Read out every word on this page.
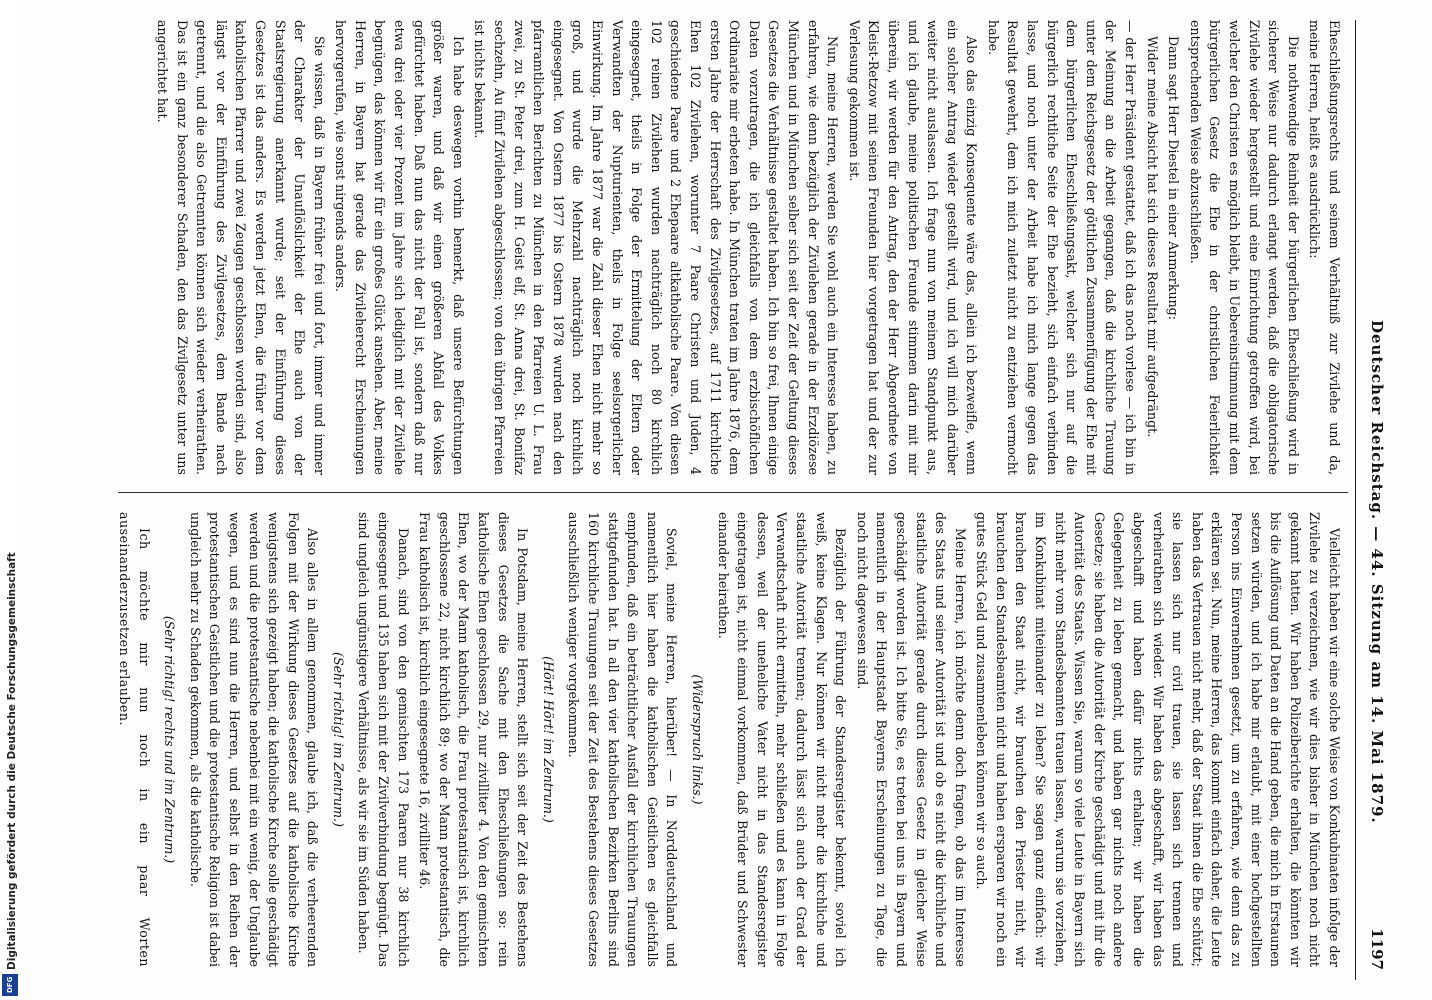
Digitalisierung gefördert durch die Deutsche Forschungsgemeinschaft
DFG
Deutscher Reichstag. — 44. Sitzung am 14. Mai 1879.
1197

Eheschließungsrechts und seinem Verhältniß zur Zivilehe und da, meine Herren, heißt es ausdrücklich:

Die nothwendige Reinheit der bürgerlichen Eheschließung wird in sicherer Weise nur dadurch erlangt werden, daß die obligatorische Zivilehe wieder hergestellt und eine Einrichtung getroffen wird, bei welcher den Christen es möglich bleibt, in Uebereinstimmung mit dem bürgerlichen Gesetz die Ehe in der christlichen Feierlichkeit entsprechenden Weise abzuschließen.

Dann sagt Herr Diestel in einer Anmerkung:

Wider meine Absicht hat sich dieses Resultat mir aufgedrängt.

— der Herr Präsident gestattet, daß ich das noch vorlese — ich bin in der Meinung an die Arbeit gegangen, daß die kirchliche Trauung unter dem Reichsgesetz der göttlichen Zusammenfügung der Ehe mit dem bürgerlichen Eheschließungsakt, welcher sich nur auf die bürgerlich rechtliche Seite der Ehe bezieht, sich einfach verbinden lasse, und noch unter der Arbeit habe ich mich lange gegen das Resultat gewehrt, dem ich mich zuletzt nicht zu entziehen vermocht habe.

Also das einzig Konsequente wäre das, allein ich bezweifle, wenn ein solcher Antrag wieder gestellt wird, und ich will mich darüber weiter nicht auslassen. Ich frage nun von meinem Standpunkt aus, und ich glaube, meine politischen Freunde stimmen darin mit mir überein, wir werden für den Antrag, den der Herr Abgeordnete von Kleist-Retzow mit seinen Freunden hier vorgetragen hat und der zur Verlesung gekommen ist.

Nun, meine Herren, werden Sie wohl auch ein Interesse haben, zu erfahren, wie denn bezüglich der Zivilehen gerade in der Erzdiözese München und in München selber sich seit der Zeit der Geltung dieses Gesetzes die Verhältnisse gestaltet haben. Ich bin so frei, Ihnen einige Daten vorzutragen, die ich gleichfalls von dem erzbischöflichen Ordinariate mir erbeten habe. In München traten im Jahre 1876, dem ersten Jahre der Herrschaft des Zivilgesetzes, auf 1711 kirchliche Ehen 102 Zivilehen, worunter 7 Paare Christen und Juden, 4 geschiedene Paare und 2 Ehepaare altkatholische Paare. Von diesen 102 reinen Zivilehen wurden nachträglich noch 80 kirchlich eingesegnet, theils in Folge der Ermittelung der Eltern oder Verwandten der Nupturienten, theils in Folge seelsorgerlicher Einwirkung. Im Jahre 1877 war die Zahl dieser Ehen nicht mehr so groß, und wurde die Mehrzahl nachträglich noch kirchlich eingesegnet. Von Ostern 1877 bis Ostern 1878 wurden nach den pfarramtlichen Berichten zu München in den Pfarreien U. L. Frau zwei, zu St. Peter drei, zum H. Geist elf, St. Anna drei, St. Bonifaz sechzehn, Au fünf Zivilehen abgeschlossen; von den übrigen Pfarreien ist nichts bekannt.

Ich habe deswegen vorhin bemerkt, daß unsere Befürchtungen größer waren, und daß wir einen größeren Abfall des Volkes gefürchtet haben. Daß nun das nicht der Fall ist, sondern daß nur etwa drei oder vier Prozent im Jahre sich lediglich mit der Zivilehe begnügen, das können wir für ein großes Glück ansehen. Aber, meine Herren, in Bayern hat gerade das Zivileherecht Erscheinungen hervorgerufen, wie sonst nirgends anders.

Sie wissen, daß in Bayern früher frei und fort, immer und immer der Charakter der Unauflöslichkeit der Ehe auch von der Staatsregierung anerkannt wurde; seit der Einführung dieses Gesetzes ist das anders. Es werden jetzt Ehen, die früher vor dem katholischen Pfarrer und zwei Zeugen geschlossen worden sind, also längst vor der Einführung des Zivilgesetzes, dem Bande nach getrennt, und die also Getrennten können sich wieder verheirathen. Das ist ein ganz besonderer Schaden, den das Zivilgesetz unter uns angerichtet hat.

Vielleicht haben wir eine solche Weise von Konkubinaten infolge der Zivilehe zu verzeichnen, wie wir dies bisher in München noch nicht gekannt hatten. Wir haben Polizeiberichte erhalten, die könnten wir bis die Auflösung und Daten an die Hand geben, die mich in Erstaunen setzen würden, und ich habe mir erlaubt, mit einer hochgestellten Person ins Einvernehmen gesetzt, um zu erfahren, wie denn das zu erklären sei. Nun, meine Herren, das kommt einfach daher, die Leute haben das Vertrauen nicht mehr, daß der Staat ihnen die Ehe schützt; sie lassen sich nur civil trauen, sie lassen sich trennen und verheirathen sich wieder. Wir haben das abgeschafft, wir haben das abgeschafft und haben dafür nichts erhalten; wir haben die Gelegenheit zu leben gemacht, und haben gar nichts noch andere Gesetze; sie haben die Autorität der Kirche geschädigt und mit ihr die Autorität des Staats. Wissen Sie, warum so viele Leute in Bayern sich nicht mehr vom Standesbeamten trauen lassen, warum sie vorziehen, im Konkubinat miteinander zu leben? Sie sagen ganz einfach: wir brauchen den Staat nicht, wir brauchen den Priester nicht, wir brauchen den Standesbeamten nicht und haben ersparen wir noch ein gutes Stück Geld und zusammenleben können wir so auch.

Meine Herren, ich möchte denn doch fragen, ob das im Interesse des Staats und seiner Autorität ist und ob es nicht die kirchliche und staatliche Autorität gerade durch dieses Gesetz in gleicher Weise geschädigt worden ist. Ich bitte Sie, es treten bei uns in Bayern und namentlich in der Hauptstadt Bayerns Erscheinungen zu Tage, die noch nicht dagewesen sind.

Bezüglich der Führung der Standesregister bekennt, soviel ich weiß, keine Klagen. Nur können wir nicht mehr die kirchliche und staatliche Autorität trennen; dadurch lässt sich auch der Grad der Verwandtschaft nicht ermitteln, mehr schließen und es kann in Folge dessen, weil der uneheliche Vater nicht in das Standesregister eingetragen ist, nicht einmal vorkommen, daß Brüder und Schwester einander heirathen.

(Widerspruch links.)

Soviel, meine Herren, hierüber! — In Norddeutschland und namentlich hier haben die katholischen Geistlichen es gleichfalls empfunden, daß ein beträchtlicher Ausfall der kirchlichen Trauungen stattgefunden hat. In all den vier katholischen Bezirken Berlins sind 160 kirchliche Trauungen seit der Zeit des Bestehens dieses Gesetzes ausschließlich weniger vorgekommen.

(Hört! Hört! im Zentrum.)

In Potsdam, meine Herren, stellt sich seit der Zeit des Bestehens dieses Gesetzes die Sache mit den Eheschließungen so: rein katholische Ehen geschlossen 29, nur zivilliter 4. Von den gemischten Ehen, wo der Mann katholisch, die Frau protestantisch ist, kirchlich geschlossene 22, nicht kirchlich 89; wo der Mann protestantisch, die Frau katholisch ist, kirchlich eingesegnete 16, zivilliter 46.

Danach, sind von den gemischten 173 Paaren nur 38 kirchlich eingesegnet und 135 haben sich mit der Zivilverbindung begnügt. Das sind ungleich ungünstigere Verhältnisse, als wir sie im Süden haben.

(Sehr richtig! im Zentrum.)

Also alles in allem genommen, glaube ich, daß die verheerenden Folgen mit der Wirkung dieses Gesetzes auf die katholische Kirche wenigstens sich gezeigt haben; die katholische Kirche solle geschädigt werden und die protestantische nebenbei mit ein wenig, der Unglaube wegen, und es sind nun die Herren, und selbst in den Reihen der protestantischen Geistlichen und die protestantische Religion ist dabei ungleich mehr zu Schaden gekommen, als die katholische.

(Sehr richtig! rechts und im Zentrum.)

Ich möchte mir nun noch in ein paar Worten auseinanderzusetzen erlauben.
